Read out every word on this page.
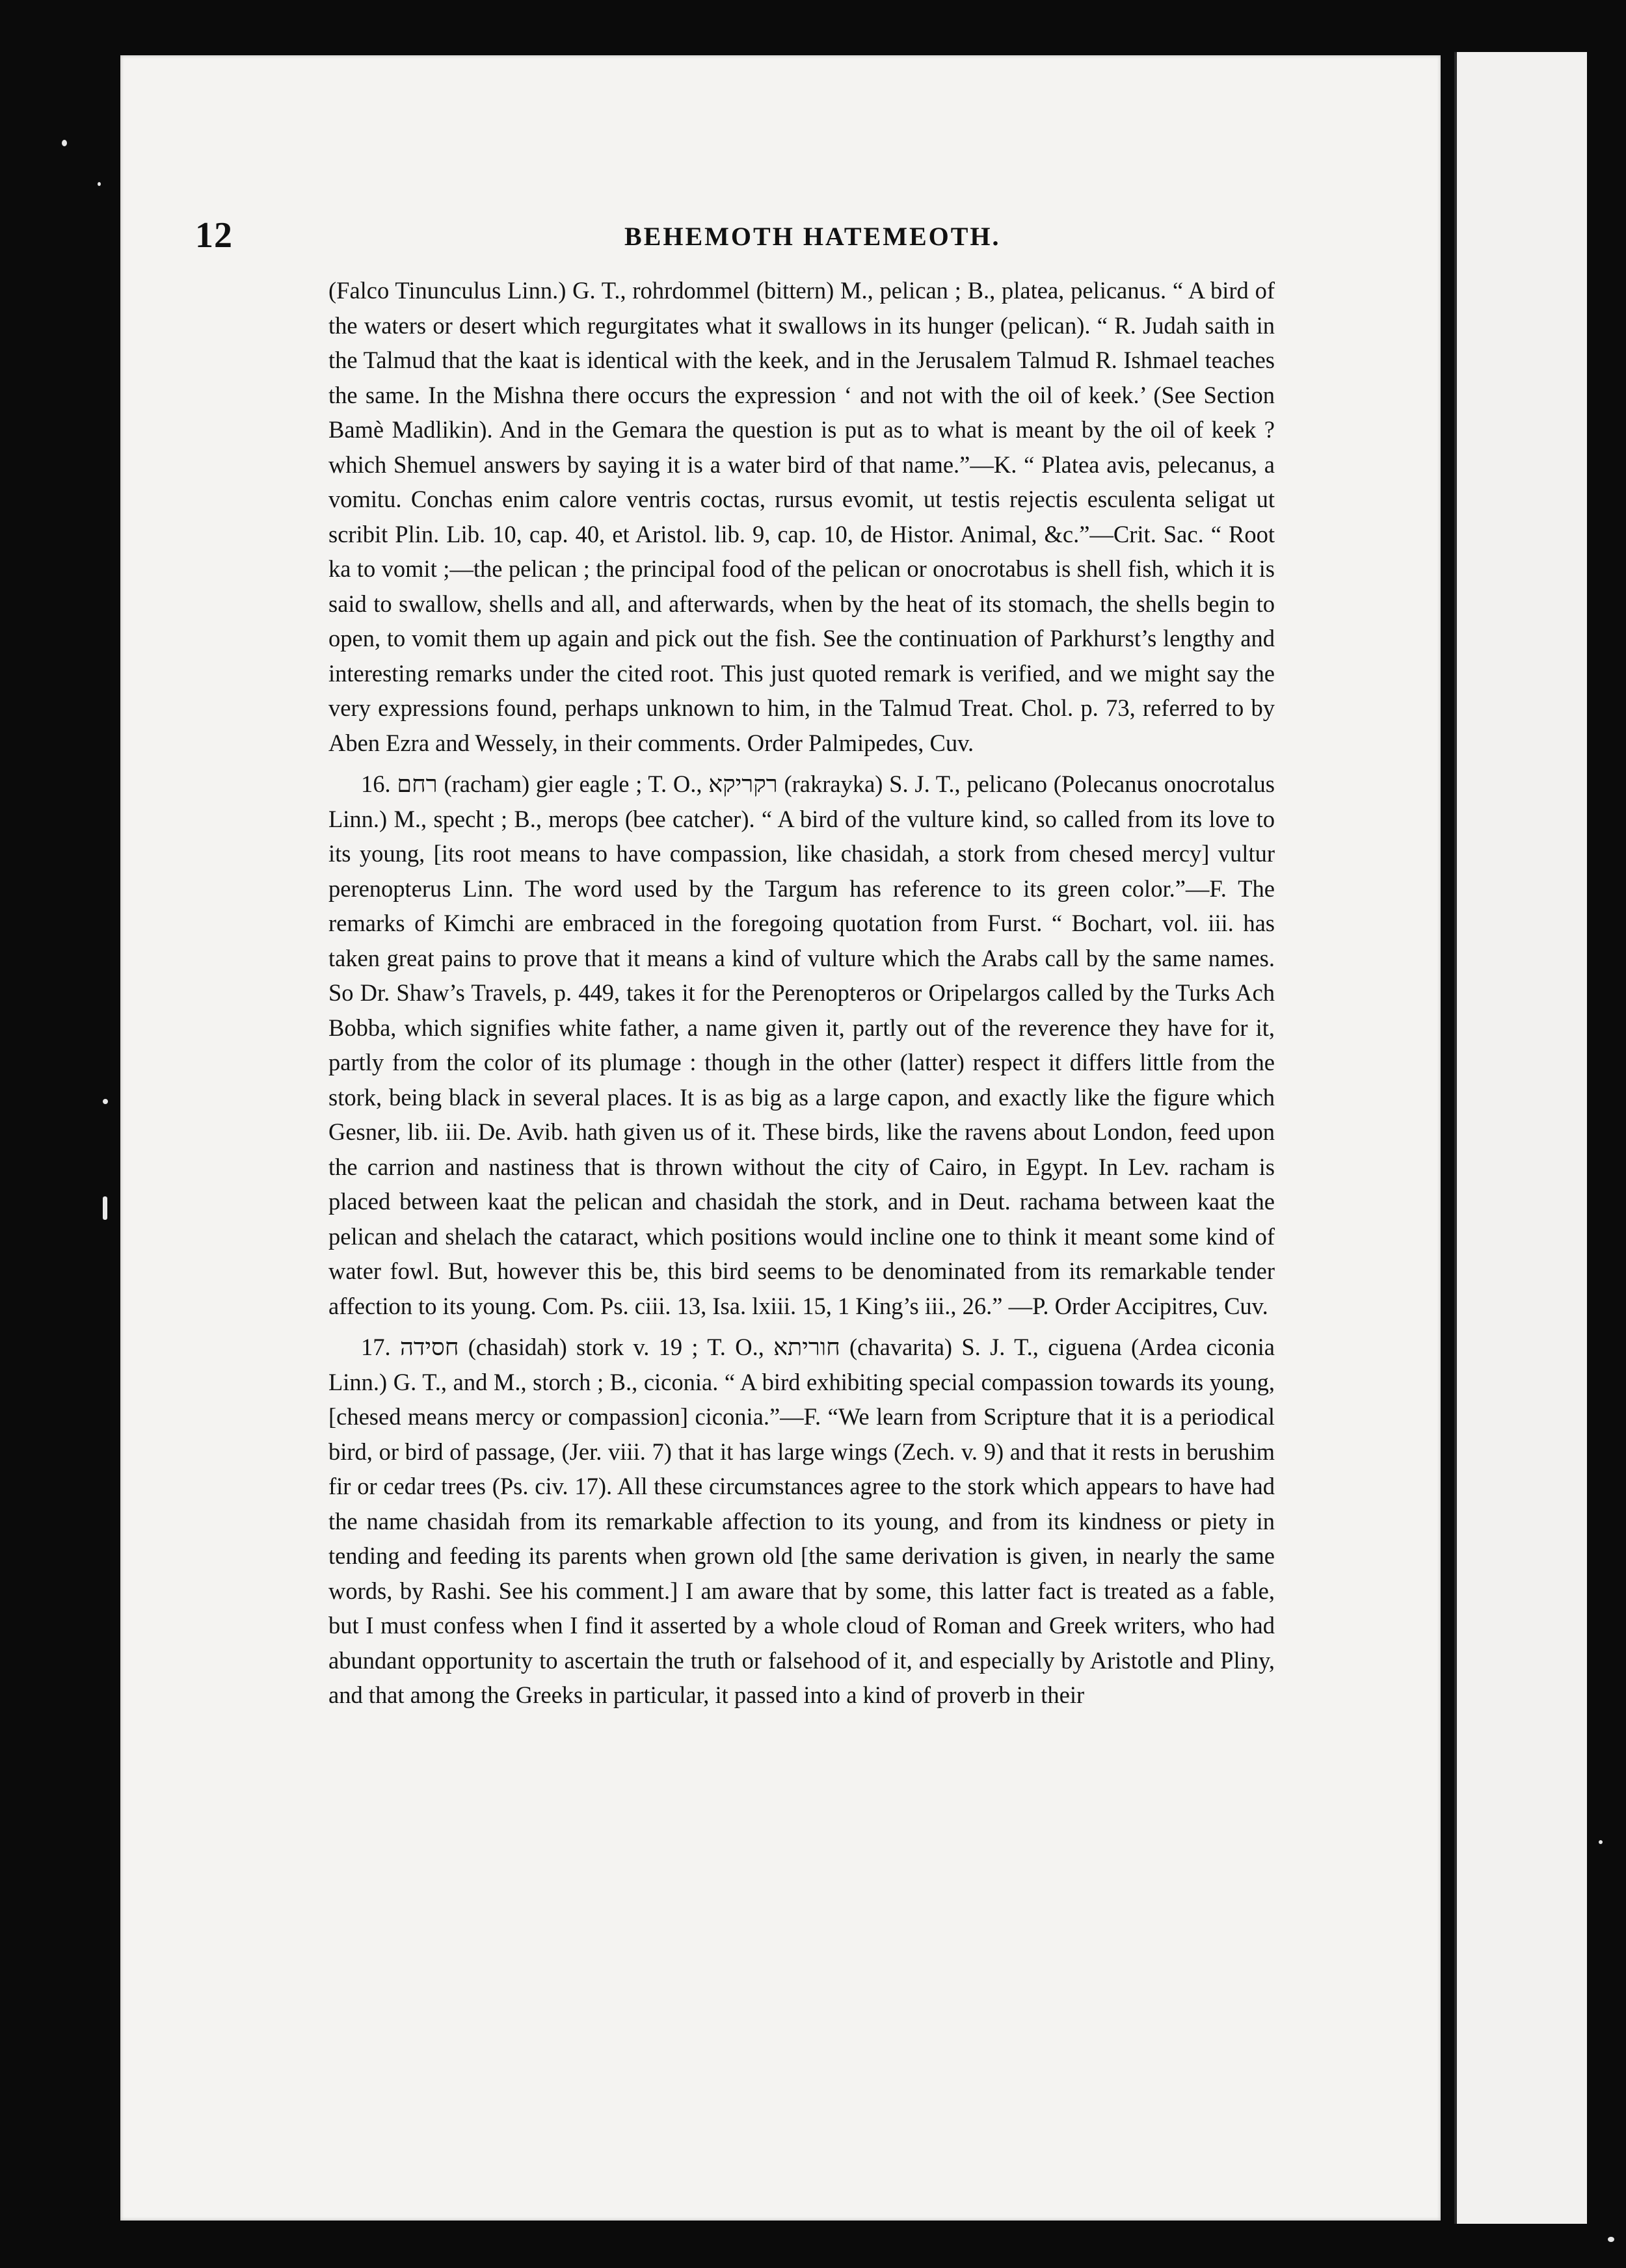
12	BEHEMOTH HATEMEOTH.

(Falco Tinunculus Linn.) G. T., rohrdommel (bittern) M., pelican ; B., platea, pelicanus. “ A bird of the waters or desert which regurgitates what it swallows in its hunger (pelican). “ R. Judah saith in the Talmud that the kaat is identical with the keek, and in the Jerusalem Talmud R. Ishmael teaches the same. In the Mishna there occurs the expression ‘ and not with the oil of keek.’ (See Section Bamè Madlikin). And in the Gemara the question is put as to what is meant by the oil of keek ? which Shemuel answers by saying it is a water bird of that name.”—K. “ Platea avis, pelecanus, a vomitu. Conchas enim calore ventris coctas, rursus evomit, ut testis rejectis esculenta seligat ut scribit Plin. Lib. 10, cap. 40, et Aristol. lib. 9, cap. 10, de Histor. Animal, &c.”—Crit. Sac. “ Root ka to vomit ;—the pelican ; the principal food of the pelican or onocrotabus is shell fish, which it is said to swallow, shells and all, and afterwards, when by the heat of its stomach, the shells begin to open, to vomit them up again and pick out the fish. See the continuation of Parkhurst’s lengthy and interesting remarks under the cited root. This just quoted remark is verified, and we might say the very expressions found, perhaps unknown to him, in the Talmud Treat. Chol. p. 73, referred to by Aben Ezra and Wessely, in their comments. Order Palmipedes, Cuv.

16. רחם (racham) gier eagle ; T. O., רקריקא (rakrayka) S. J. T., pelicano (Polecanus onocrotalus Linn.) M., specht ; B., merops (bee catcher). “ A bird of the vulture kind, so called from its love to its young, [its root means to have compassion, like chasidah, a stork from chesed mercy] vultur perenopterus Linn. The word used by the Targum has reference to its green color.”—F. The remarks of Kimchi are embraced in the foregoing quotation from Furst. “ Bochart, vol. iii. has taken great pains to prove that it means a kind of vulture which the Arabs call by the same names. So Dr. Shaw’s Travels, p. 449, takes it for the Perenopteros or Oripelargos called by the Turks Ach Bobba, which signifies white father, a name given it, partly out of the reverence they have for it, partly from the color of its plumage : though in the other (latter) respect it differs little from the stork, being black in several places. It is as big as a large capon, and exactly like the figure which Gesner, lib. iii. De. Avib. hath given us of it. These birds, like the ravens about London, feed upon the carrion and nastiness that is thrown without the city of Cairo, in Egypt. In Lev. racham is placed between kaat the pelican and chasidah the stork, and in Deut. rachama between kaat the pelican and shelach the cataract, which positions would incline one to think it meant some kind of water fowl. But, however this be, this bird seems to be denominated from its remarkable tender affection to its young. Com. Ps. ciii. 13, Isa. lxiii. 15, 1 King’s iii., 26.” —P. Order Accipitres, Cuv.

17. חסידה (chasidah) stork v. 19 ; T. O., חוריתא (chavarita) S. J. T., ciguena (Ardea ciconia Linn.) G. T., and M., storch ; B., ciconia. “ A bird exhibiting special compassion towards its young, [chesed means mercy or compassion] ciconia.”—F. “We learn from Scripture that it is a periodical bird, or bird of passage, (Jer. viii. 7) that it has large wings (Zech. v. 9) and that it rests in berushim fir or cedar trees (Ps. civ. 17). All these circumstances agree to the stork which appears to have had the name chasidah from its remarkable affection to its young, and from its kindness or piety in tending and feeding its parents when grown old [the same derivation is given, in nearly the same words, by Rashi. See his comment.] I am aware that by some, this latter fact is treated as a fable, but I must confess when I find it asserted by a whole cloud of Roman and Greek writers, who had abundant opportunity to ascertain the truth or falsehood of it, and especially by Aristotle and Pliny, and that among the Greeks in particular, it passed into a kind of proverb in their
